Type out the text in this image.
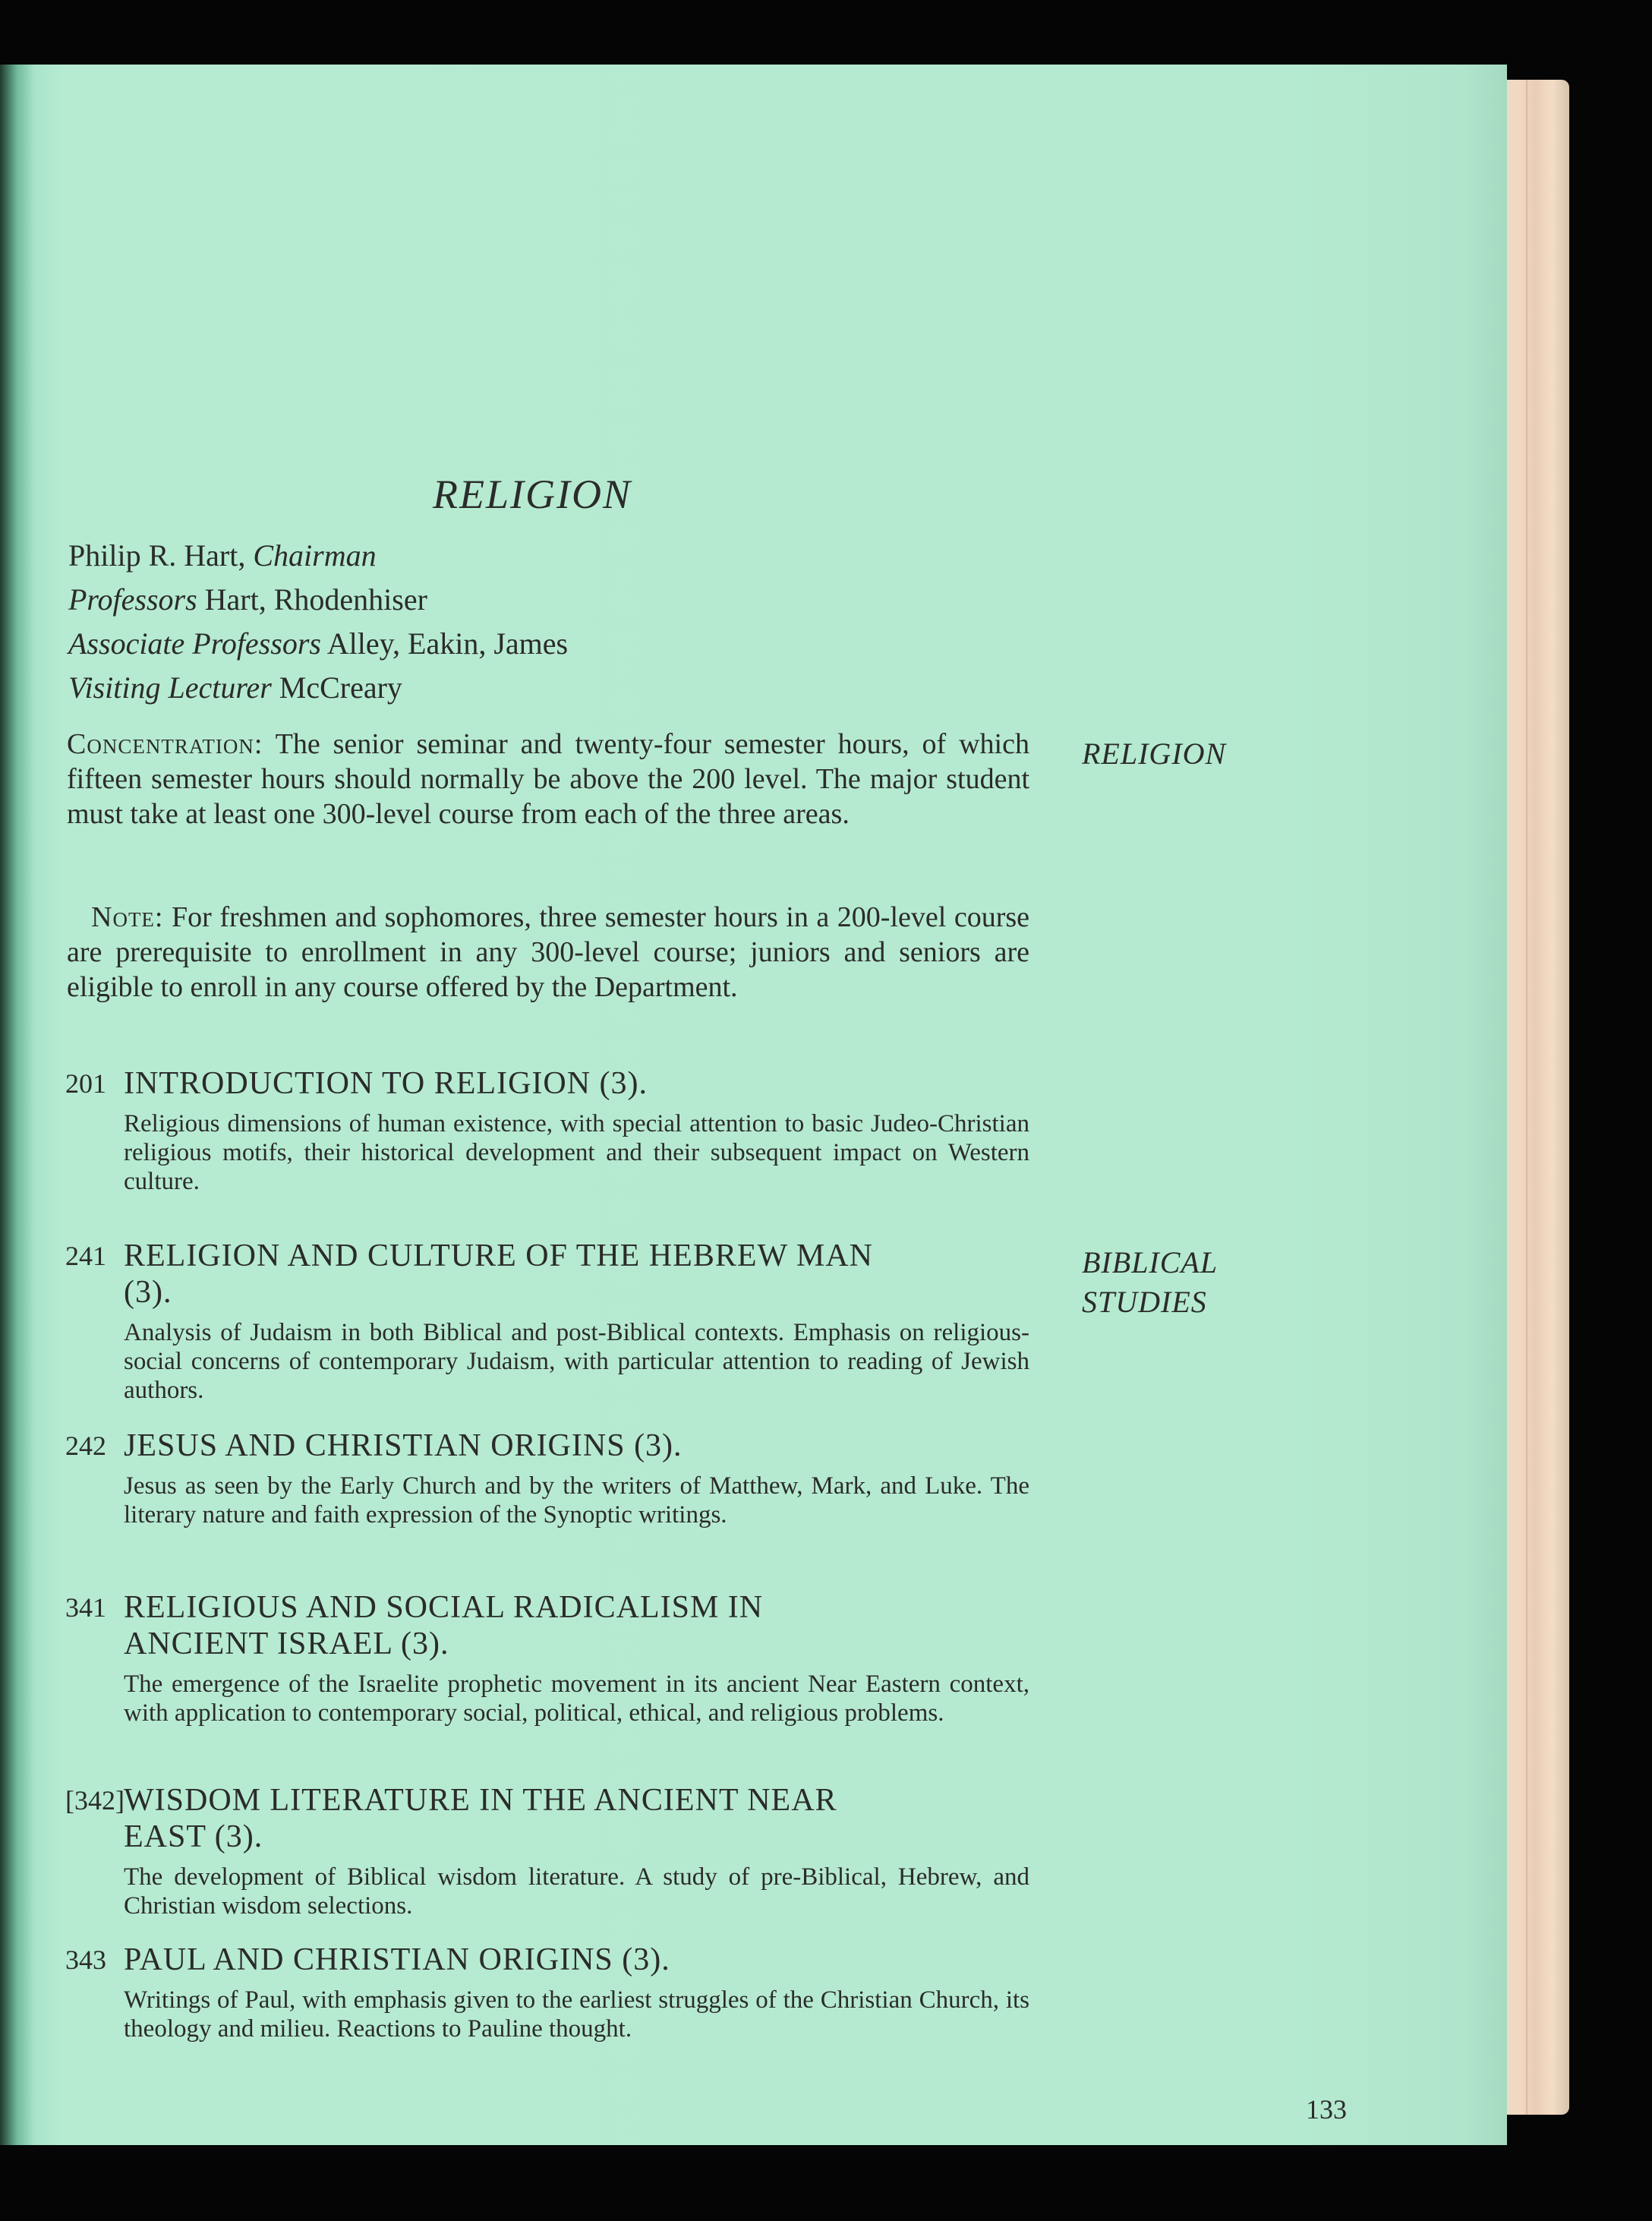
RELIGION
Philip R. Hart, Chairman
Professors Hart, Rhodenhiser
Associate Professors Alley, Eakin, James
Visiting Lecturer McCreary
Concentration: The senior seminar and twenty-four semester hours, of which fifteen semester hours should normally be above the 200 level. The major student must take at least one 300-level course from each of the three areas.
RELIGION
Note: For freshmen and sophomores, three semester hours in a 200-level course are prerequisite to enrollment in any 300-level course; juniors and seniors are eligible to enroll in any course offered by the Department.
201 INTRODUCTION TO RELIGION (3).
Religious dimensions of human existence, with special attention to basic Judeo-Christian religious motifs, their historical development and their subsequent impact on Western culture.
241 RELIGION AND CULTURE OF THE HEBREW MAN (3).
Analysis of Judaism in both Biblical and post-Biblical contexts. Emphasis on religious-social concerns of contemporary Judaism, with particular attention to reading of Jewish authors.
BIBLICAL
STUDIES
242 JESUS AND CHRISTIAN ORIGINS (3).
Jesus as seen by the Early Church and by the writers of Matthew, Mark, and Luke. The literary nature and faith expression of the Synoptic writings.
341 RELIGIOUS AND SOCIAL RADICALISM IN ANCIENT ISRAEL (3).
The emergence of the Israelite prophetic movement in its ancient Near Eastern context, with application to contemporary social, political, ethical, and religious problems.
[342] WISDOM LITERATURE IN THE ANCIENT NEAR EAST (3).
The development of Biblical wisdom literature. A study of pre-Biblical, Hebrew, and Christian wisdom selections.
343 PAUL AND CHRISTIAN ORIGINS (3).
Writings of Paul, with emphasis given to the earliest struggles of the Christian Church, its theology and milieu. Reactions to Pauline thought.
133
